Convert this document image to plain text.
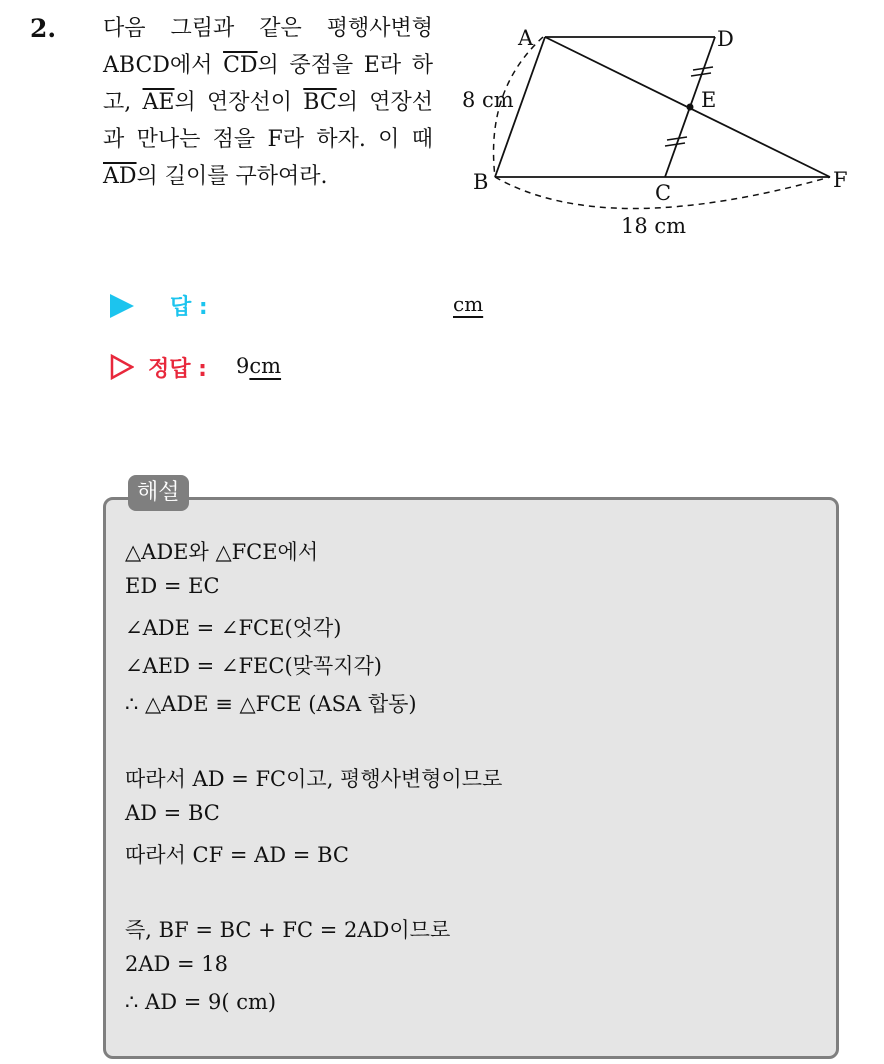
2. 다음 그림과 같은 평행사변형 ABCD에서 $\overline{CD}$의 중점을 E라 하고, $\overline{AE}$의 연장선이 $\overline{BC}$의 연장선과 만나는 점을 F라 하자. 이 때 $\overline{AD}$의 길이를 구하여라.
A	D
E
B	C
F
8 cm
18 cm
답 :	cm
정답 : 9cm
해설
△ADE와 △FCE에서
ED = EC
∠ADE = ∠FCE(엇각)
∠AED = ∠FEC(맞꼭지각)
∴ △ADE ≡ △FCE (ASA 합동)
따라서 AD = FC이고, 평행사변형이므로
AD = BC
따라서 CF = AD = BC
즉, BF = BC + FC = 2AD이므로
2AD = 18
∴ AD = 9( cm)
